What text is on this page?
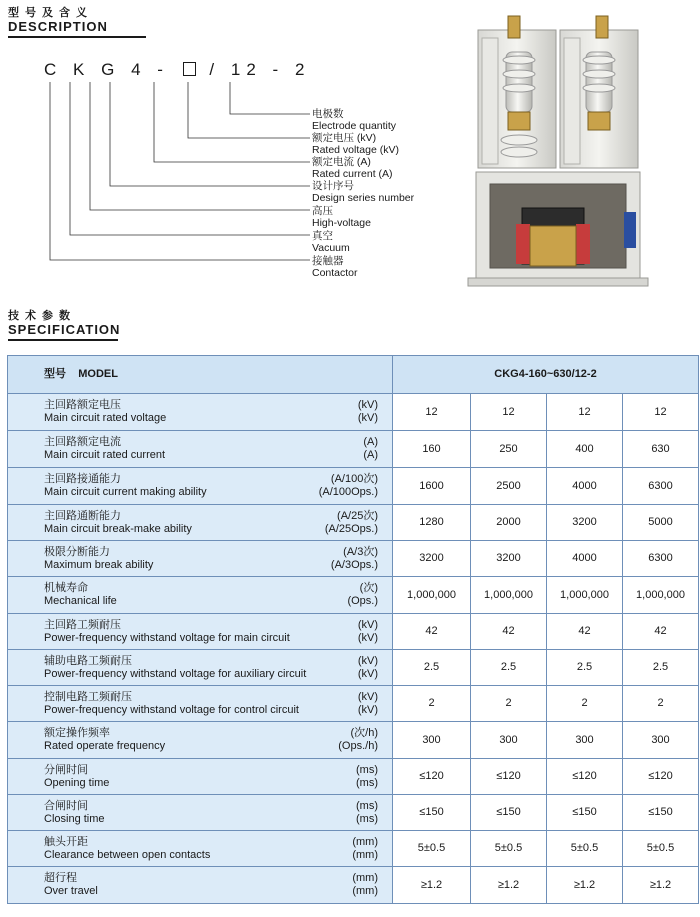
型号及含义
DESCRIPTION
C K G 4 - / 12 - 2
电极数
Electrode quantity
额定电压 (kV)
Rated voltage (kV)
额定电流 (A)
Rated current (A)
设计序号
Design series number
高压
High-voltage
真空
Vacuum
接触器
Contactor
技术参数
SPECIFICATION
型号    MODEL	CKG4-160~630/12-2			

主回路额定电压
Main circuit rated voltage
(kV)
(kV)	12	12	12	12

主回路额定电流
Main circuit rated current
(A)
(A)	160	250	400	630

主回路接通能力
Main circuit current making ability
(A/100次)
(A/100Ops.)	1600	2500	4000	6300

主回路通断能力
Main circuit break-make ability
(A/25次)
(A/25Ops.)	1280	2000	3200	5000

极限分断能力
Maximum break ability
(A/3次)
(A/3Ops.)	3200	3200	4000	6300

机械寿命
Mechanical life
(次)
(Ops.)	1,000,000	1,000,000	1,000,000	1,000,000

主回路工频耐压
Power-frequency withstand voltage for main circuit
(kV)
(kV)	42	42	42	42

辅助电路工频耐压
Power-frequency withstand voltage for auxiliary circuit
(kV)
(kV)	2.5	2.5	2.5	2.5

控制电路工频耐压
Power-frequency withstand voltage for control circuit
(kV)
(kV)	2	2	2	2

额定操作频率
Rated operate frequency
(次/h)
(Ops./h)	300	300	300	300

分闸时间
Opening time
(ms)
(ms)	≤120	≤120	≤120	≤120

合闸时间
Closing time
(ms)
(ms)	≤150	≤150	≤150	≤150

触头开距
Clearance between open contacts
(mm)
(mm)	5±0.5	5±0.5	5±0.5	5±0.5

超行程
Over travel
(mm)
(mm)	≥1.2	≥1.2	≥1.2	≥1.2
